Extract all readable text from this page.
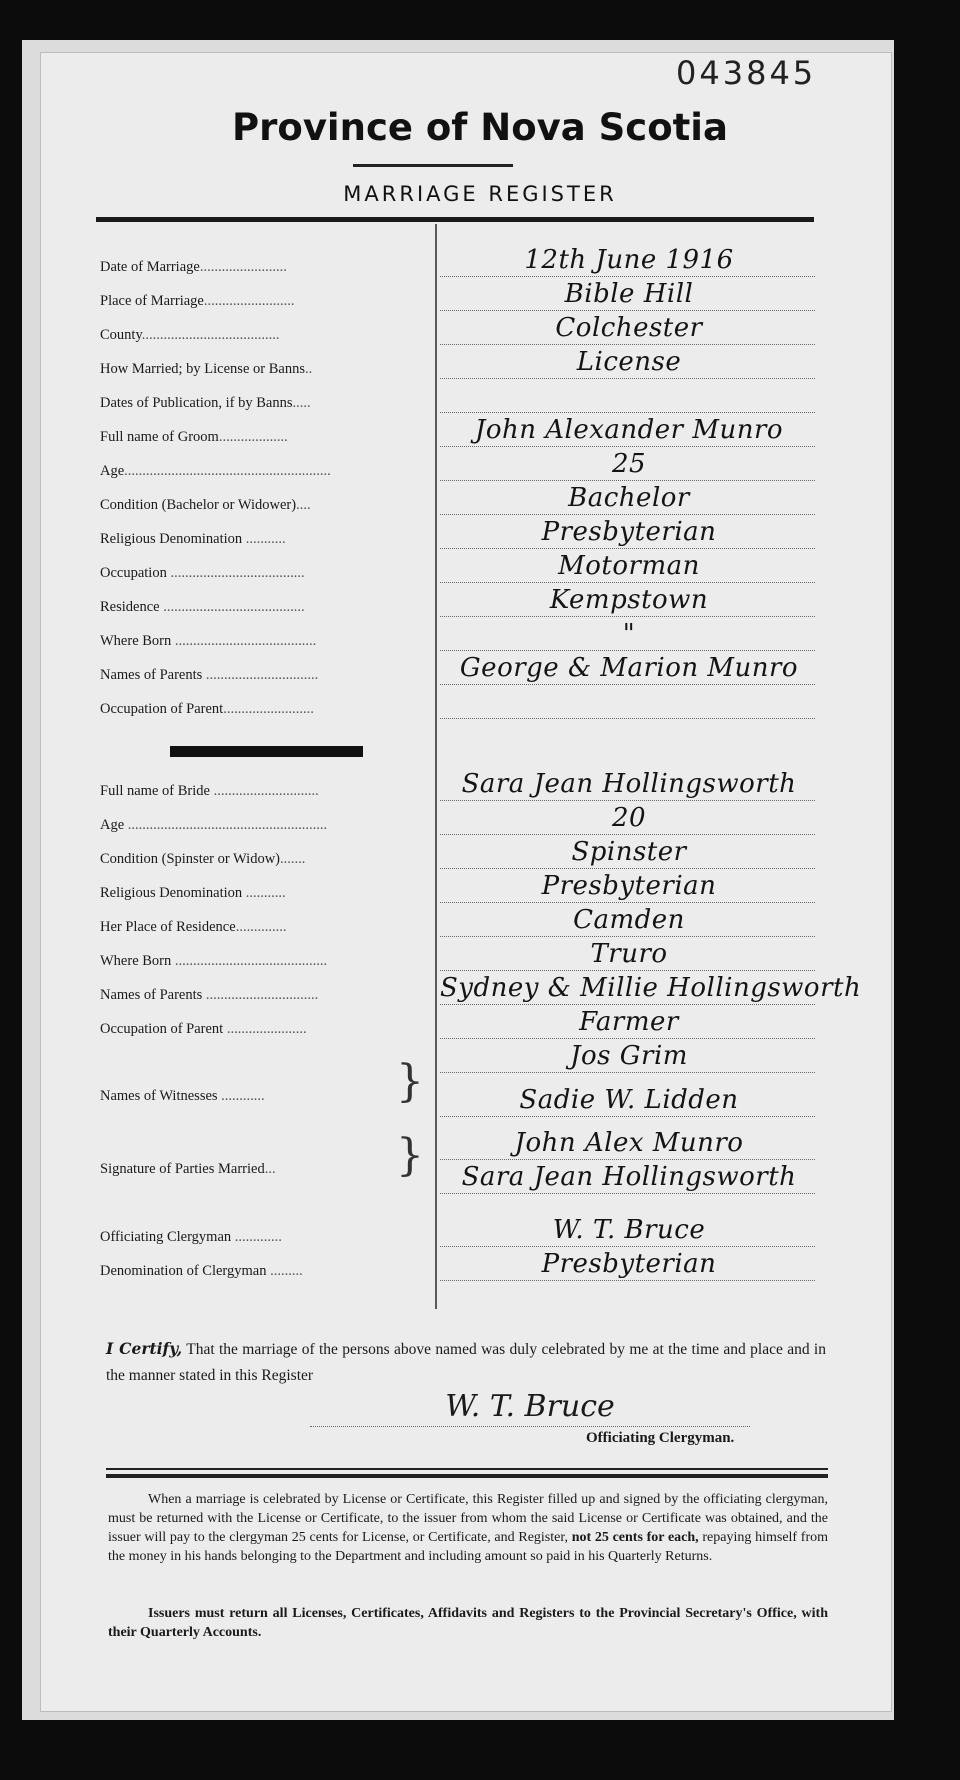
043845
Province of Nova Scotia
MARRIAGE REGISTER
Date of Marriage........................	12th June 1916
Place of Marriage.........................	Bible Hill
County......................................	Colchester
How Married; by License or Banns..	License
Dates of Publication, if by Banns.....
Full name of Groom...................	John Alexander Munro
Age.........................................................	25
Condition (Bachelor or Widower)....	Bachelor
Religious Denomination ...........	Presbyterian
Occupation .....................................	Motorman
Residence .......................................	Kempstown
Where Born .......................................	"
Names of Parents ...............................	George & Marion Munro
Occupation of Parent.........................
Full name of Bride .............................	Sara Jean Hollingsworth
Age .......................................................	20
Condition (Spinster or Widow).......	Spinster
Religious Denomination ...........	Presbyterian
Her Place of Residence..............	Camden
Where Born ..........................................	Truro
Names of Parents ...............................	Sydney & Millie Hollingsworth
Occupation of Parent ......................	Farmer
Names of Witnesses ............	}	Jos Grim
Sadie W. Lidden
Signature of Parties Married...	}	John Alex Munro
Sara Jean Hollingsworth
Officiating Clergyman .............	W. T. Bruce
Denomination of Clergyman .........	Presbyterian
I Certify, That the marriage of the persons above named was duly celebrated by me at the time and place and in the manner stated in this Register
W. T. Bruce
Officiating Clergyman.
When a marriage is celebrated by License or Certificate, this Register filled up and signed by the officiating clergyman, must be returned with the License or Certificate, to the issuer from whom the said License or Certificate was obtained, and the issuer will pay to the clergyman 25 cents for License, or Certificate, and Register, not 25 cents for each, repaying himself from the money in his hands belonging to the Department and including amount so paid in his Quarterly Returns.
Issuers must return all Licenses, Certificates, Affidavits and Registers to the Provincial Secretary's Office, with their Quarterly Accounts.
